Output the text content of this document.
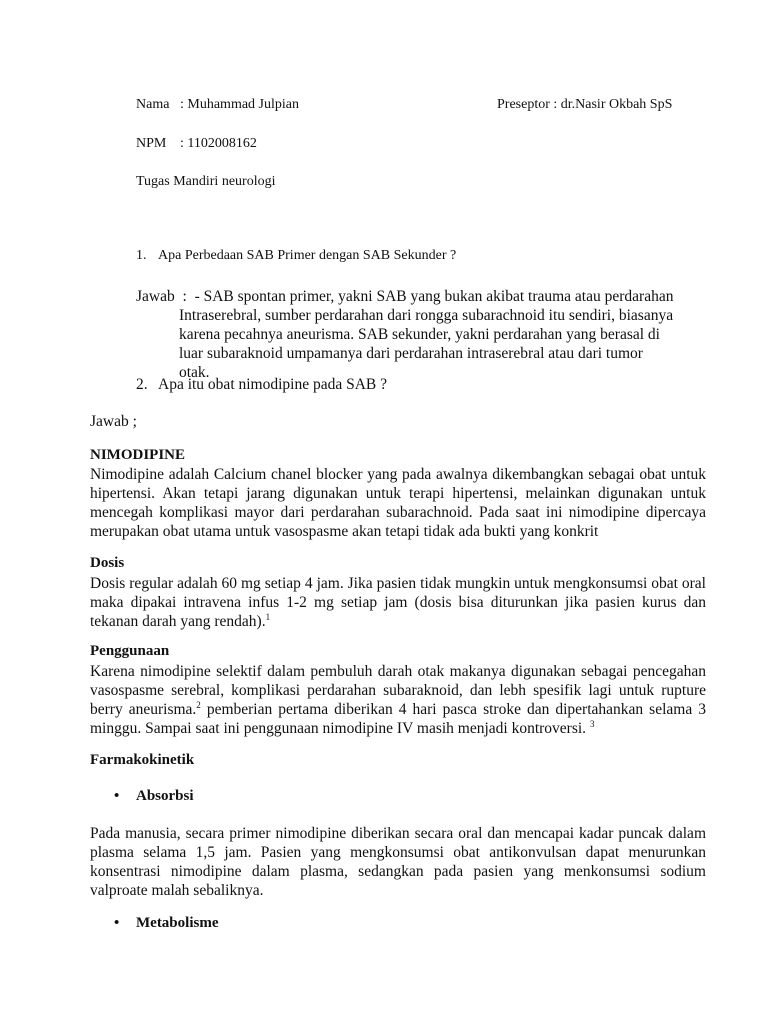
Nama : Muhammad Julpian	Preseptor : dr.Nasir Okbah SpS
NPM : 1102008162
Tugas Mandiri neurologi
1. Apa Perbedaan SAB Primer dengan SAB Sekunder ?
Jawab : - SAB spontan primer, yakni SAB yang bukan akibat trauma atau perdarahan
Intraserebral, sumber perdarahan dari rongga subarachnoid itu sendiri, biasanya karena pecahnya aneurisma. SAB sekunder, yakni perdarahan yang berasal di luar subaraknoid umpamanya dari perdarahan intraserebral atau dari tumor otak.
2. Apa itu obat nimodipine pada SAB ?
Jawab ;
NIMODIPINE
Nimodipine adalah Calcium chanel blocker yang pada awalnya dikembangkan sebagai obat untuk hipertensi. Akan tetapi jarang digunakan untuk terapi hipertensi, melainkan digunakan untuk mencegah komplikasi mayor dari perdarahan subarachnoid. Pada saat ini nimodipine dipercaya merupakan obat utama untuk vasospasme akan tetapi tidak ada bukti yang konkrit
Dosis
Dosis regular adalah 60 mg setiap 4 jam. Jika pasien tidak mungkin untuk mengkonsumsi obat oral maka dipakai intravena infus 1-2 mg setiap jam (dosis bisa diturunkan jika pasien kurus dan tekanan darah yang rendah).$^1$
Penggunaan
Karena nimodipine selektif dalam pembuluh darah otak makanya digunakan sebagai pencegahan vasospasme serebral, komplikasi perdarahan subaraknoid, dan lebh spesifik lagi untuk rupture berry aneurisma.$^2$ pemberian pertama diberikan 4 hari pasca stroke dan dipertahankan selama 3 minggu. Sampai saat ini penggunaan nimodipine IV masih menjadi kontroversi. $^3$
Farmakokinetik
• Absorbsi
Pada manusia, secara primer nimodipine diberikan secara oral dan mencapai kadar puncak dalam plasma selama 1,5 jam. Pasien yang mengkonsumsi obat antikonvulsan dapat menurunkan konsentrasi nimodipine dalam plasma, sedangkan pada pasien yang menkonsumsi sodium valproate malah sebaliknya.
• Metabolisme
